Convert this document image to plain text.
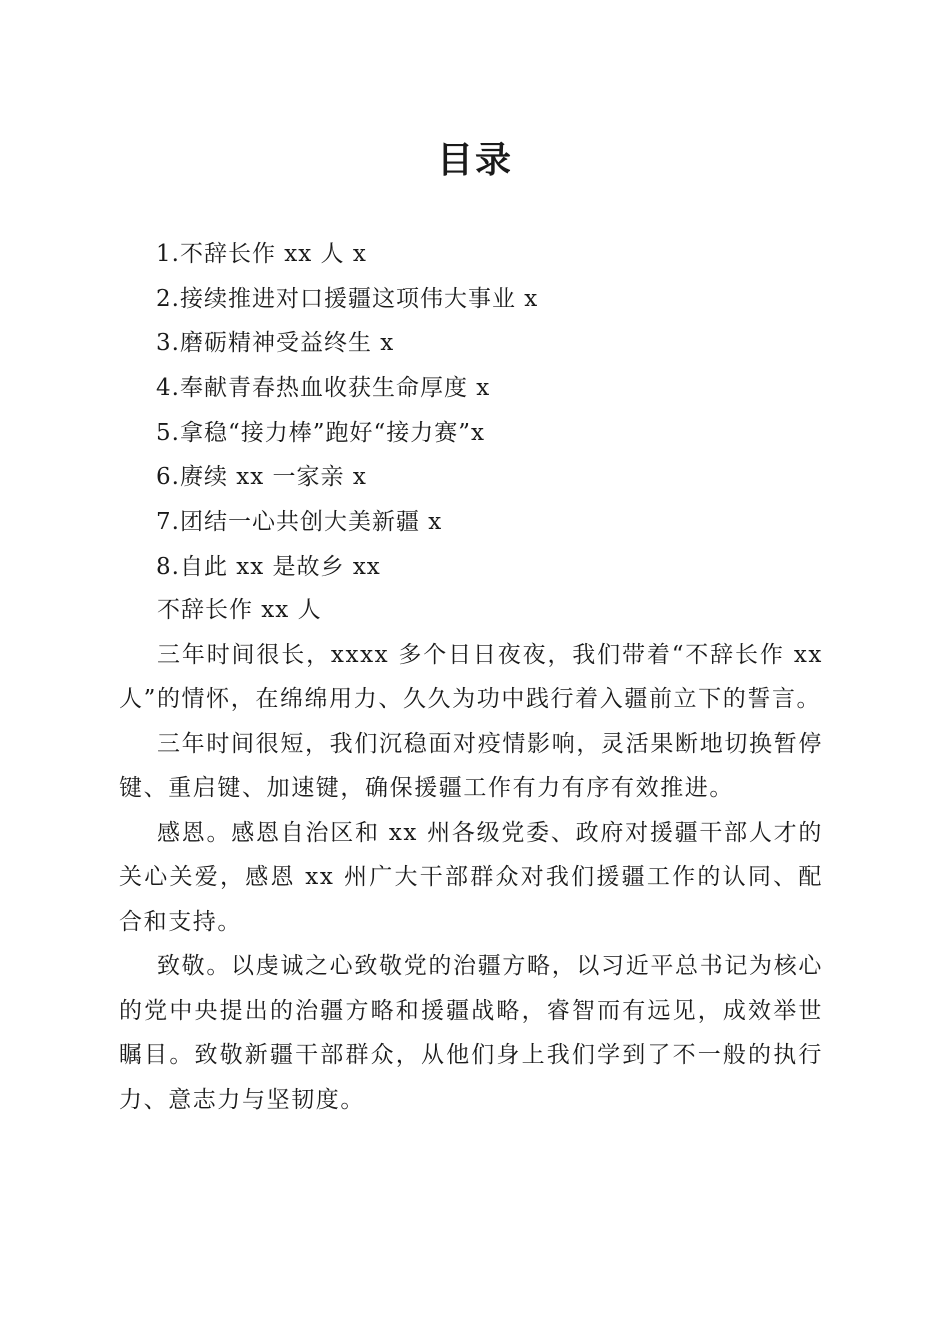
目录
1.不辞长作 xx 人 x
2.接续推进对口援疆这项伟大事业 x
3.磨砺精神受益终生 x
4.奉献青春热血收获生命厚度 x
5.拿稳“接力棒”跑好“接力赛”x
6.赓续 xx 一家亲 x
7.团结一心共创大美新疆 x
8.自此 xx 是故乡 xx
不辞长作 xx 人

三年时间很长，xxxx 多个日日夜夜，我们带着“不辞长作 xx 人”的情怀，在绵绵用力、久久为功中践行着入疆前立下的誓言。

三年时间很短，我们沉稳面对疫情影响，灵活果断地切换暂停键、重启键、加速键，确保援疆工作有力有序有效推进。

感恩。感恩自治区和 xx 州各级党委、政府对援疆干部人才的关心关爱，感恩 xx 州广大干部群众对我们援疆工作的认同、配合和支持。

致敬。以虔诚之心致敬党的治疆方略，以习近平总书记为核心的党中央提出的治疆方略和援疆战略，睿智而有远见，成效举世瞩目。致敬新疆干部群众，从他们身上我们学到了不一般的执行力、意志力与坚韧度。
